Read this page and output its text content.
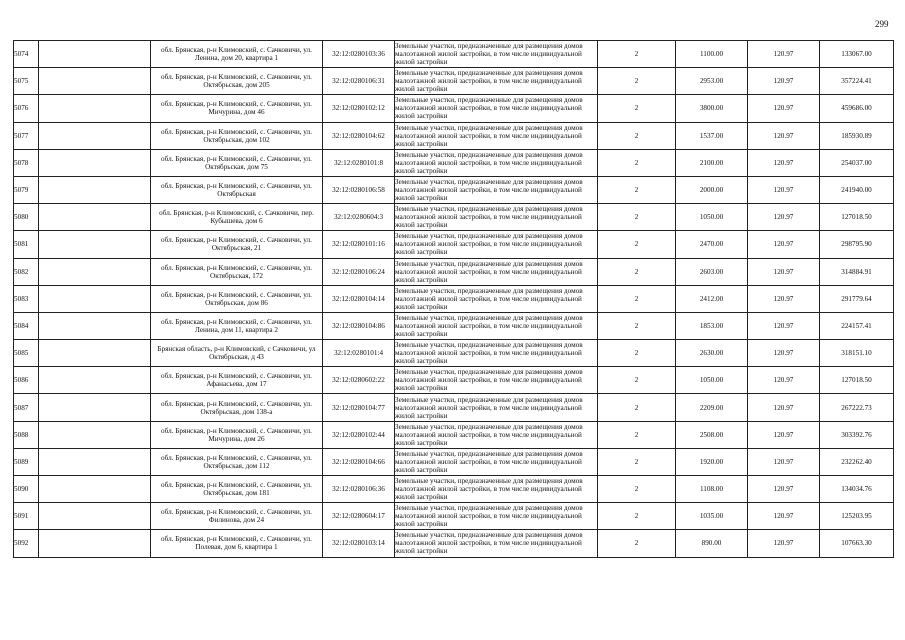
299
5074		обл. Брянская, р-н Климовский, с. Сачковичи, ул. Ленина, дом 20, квартира 1	32:12:0280103:36	Земельные участки, предназначенные для размещения домов малоэтажной жилой застройки, в том числе индивидуальной жилой застройки	2	1100.00	120.97	133067.00
5075		обл. Брянская, р-н Климовский, с. Сачковичи, ул. Октябрьская, дом 205	32:12:0280106:31	Земельные участки, предназначенные для размещения домов малоэтажной жилой застройки, в том числе индивидуальной жилой застройки	2	2953.00	120.97	357224.41
5076		обл. Брянская, р-н Климовский, с. Сачковичи, ул. Мичурина, дом 46	32:12:0280102:12	Земельные участки, предназначенные для размещения домов малоэтажной жилой застройки, в том числе индивидуальной жилой застройки	2	3800.00	120.97	459686.00
5077		обл. Брянская, р-н Климовский, с. Сачковичи, ул. Октябрьская, дом 102	32:12:0280104:62	Земельные участки, предназначенные для размещения домов малоэтажной жилой застройки, в том числе индивидуальной жилой застройки	2	1537.00	120.97	185930.89
5078		обл. Брянская, р-н Климовский, с. Сачковичи, ул. Октябрьская, дом 75	32:12:0280101:8	Земельные участки, предназначенные для размещения домов малоэтажной жилой застройки, в том числе индивидуальной жилой застройки	2	2100.00	120.97	254037.00
5079		обл. Брянская, р-н Климовский, с. Сачковичи, ул. Октябрьская	32:12:0280106:58	Земельные участки, предназначенные для размещения домов малоэтажной жилой застройки, в том числе индивидуальной жилой застройки	2	2000.00	120.97	241940.00
5080		обл. Брянская, р-н Климовский, с. Сачковичи, пер. Кубышева, дом 6	32:12:0280604:3	Земельные участки, предназначенные для размещения домов малоэтажной жилой застройки, в том числе индивидуальной жилой застройки	2	1050.00	120.97	127018.50
5081		обл. Брянская, р-н Климовский, с. Сачковичи, ул. Октябрьская, 21	32:12:0280101:16	Земельные участки, предназначенные для размещения домов малоэтажной жилой застройки, в том числе индивидуальной жилой застройки	2	2470.00	120.97	298795.90
5082		обл. Брянская, р-н Климовский, с. Сачковичи, ул. Октябрьская, 172	32:12:0280106:24	Земельные участки, предназначенные для размещения домов малоэтажной жилой застройки, в том числе индивидуальной жилой застройки	2	2603.00	120.97	314884.91
5083		обл. Брянская, р-н Климовский, с. Сачковичи, ул. Октябрьская, дом 86	32:12:0280104:14	Земельные участки, предназначенные для размещения домов малоэтажной жилой застройки, в том числе индивидуальной жилой застройки	2	2412.00	120.97	291779.64
5084		обл. Брянская, р-н Климовский, с. Сачковичи, ул. Ленина, дом 11, квартира 2	32:12:0280104:86	Земельные участки, предназначенные для размещения домов малоэтажной жилой застройки, в том числе индивидуальной жилой застройки	2	1853.00	120.97	224157.41
5085		Брянская область, р-н Климовский, с Сачковичи, ул Октябрьская, д 43	32:12:0280101:4	Земельные участки, предназначенные для размещения домов малоэтажной жилой застройки, в том числе индивидуальной жилой застройки	2	2630.00	120.97	318151.10
5086		обл. Брянская, р-н Климовский, с. Сачковичи, ул. Афанасьева, дом 17	32:12:0280602:22	Земельные участки, предназначенные для размещения домов малоэтажной жилой застройки, в том числе индивидуальной жилой застройки	2	1050.00	120.97	127018.50
5087		обл. Брянская, р-н Климовский, с. Сачковичи, ул. Октябрьская, дом 138-а	32:12:0280104:77	Земельные участки, предназначенные для размещения домов малоэтажной жилой застройки, в том числе индивидуальной жилой застройки	2	2209.00	120.97	267222.73
5088		обл. Брянская, р-н Климовский, с. Сачковичи, ул. Мичурина, дом 26	32:12:0280102:44	Земельные участки, предназначенные для размещения домов малоэтажной жилой застройки, в том числе индивидуальной жилой застройки	2	2508.00	120.97	303392.76
5089		обл. Брянская, р-н Климовский, с. Сачковичи, ул. Октябрьская, дом 112	32:12:0280104:66	Земельные участки, предназначенные для размещения домов малоэтажной жилой застройки, в том числе индивидуальной жилой застройки	2	1920.00	120.97	232262.40
5090		обл. Брянская, р-н Климовский, с. Сачковичи, ул. Октябрьская, дом 181	32:12:0280106:36	Земельные участки, предназначенные для размещения домов малоэтажной жилой застройки, в том числе индивидуальной жилой застройки	2	1108.00	120.97	134034.76
5091		обл. Брянская, р-н Климовский, с. Сачковичи, ул. Филинова, дом 24	32:12:0280604:17	Земельные участки, предназначенные для размещения домов малоэтажной жилой застройки, в том числе индивидуальной жилой застройки	2	1035.00	120.97	125203.95
5092		обл. Брянская, р-н Климовский, с. Сачковичи, ул. Полевая, дом 6, квартира 1	32:12:0280103:14	Земельные участки, предназначенные для размещения домов малоэтажной жилой застройки, в том числе индивидуальной жилой застройки	2	890.00	120.97	107663.30
